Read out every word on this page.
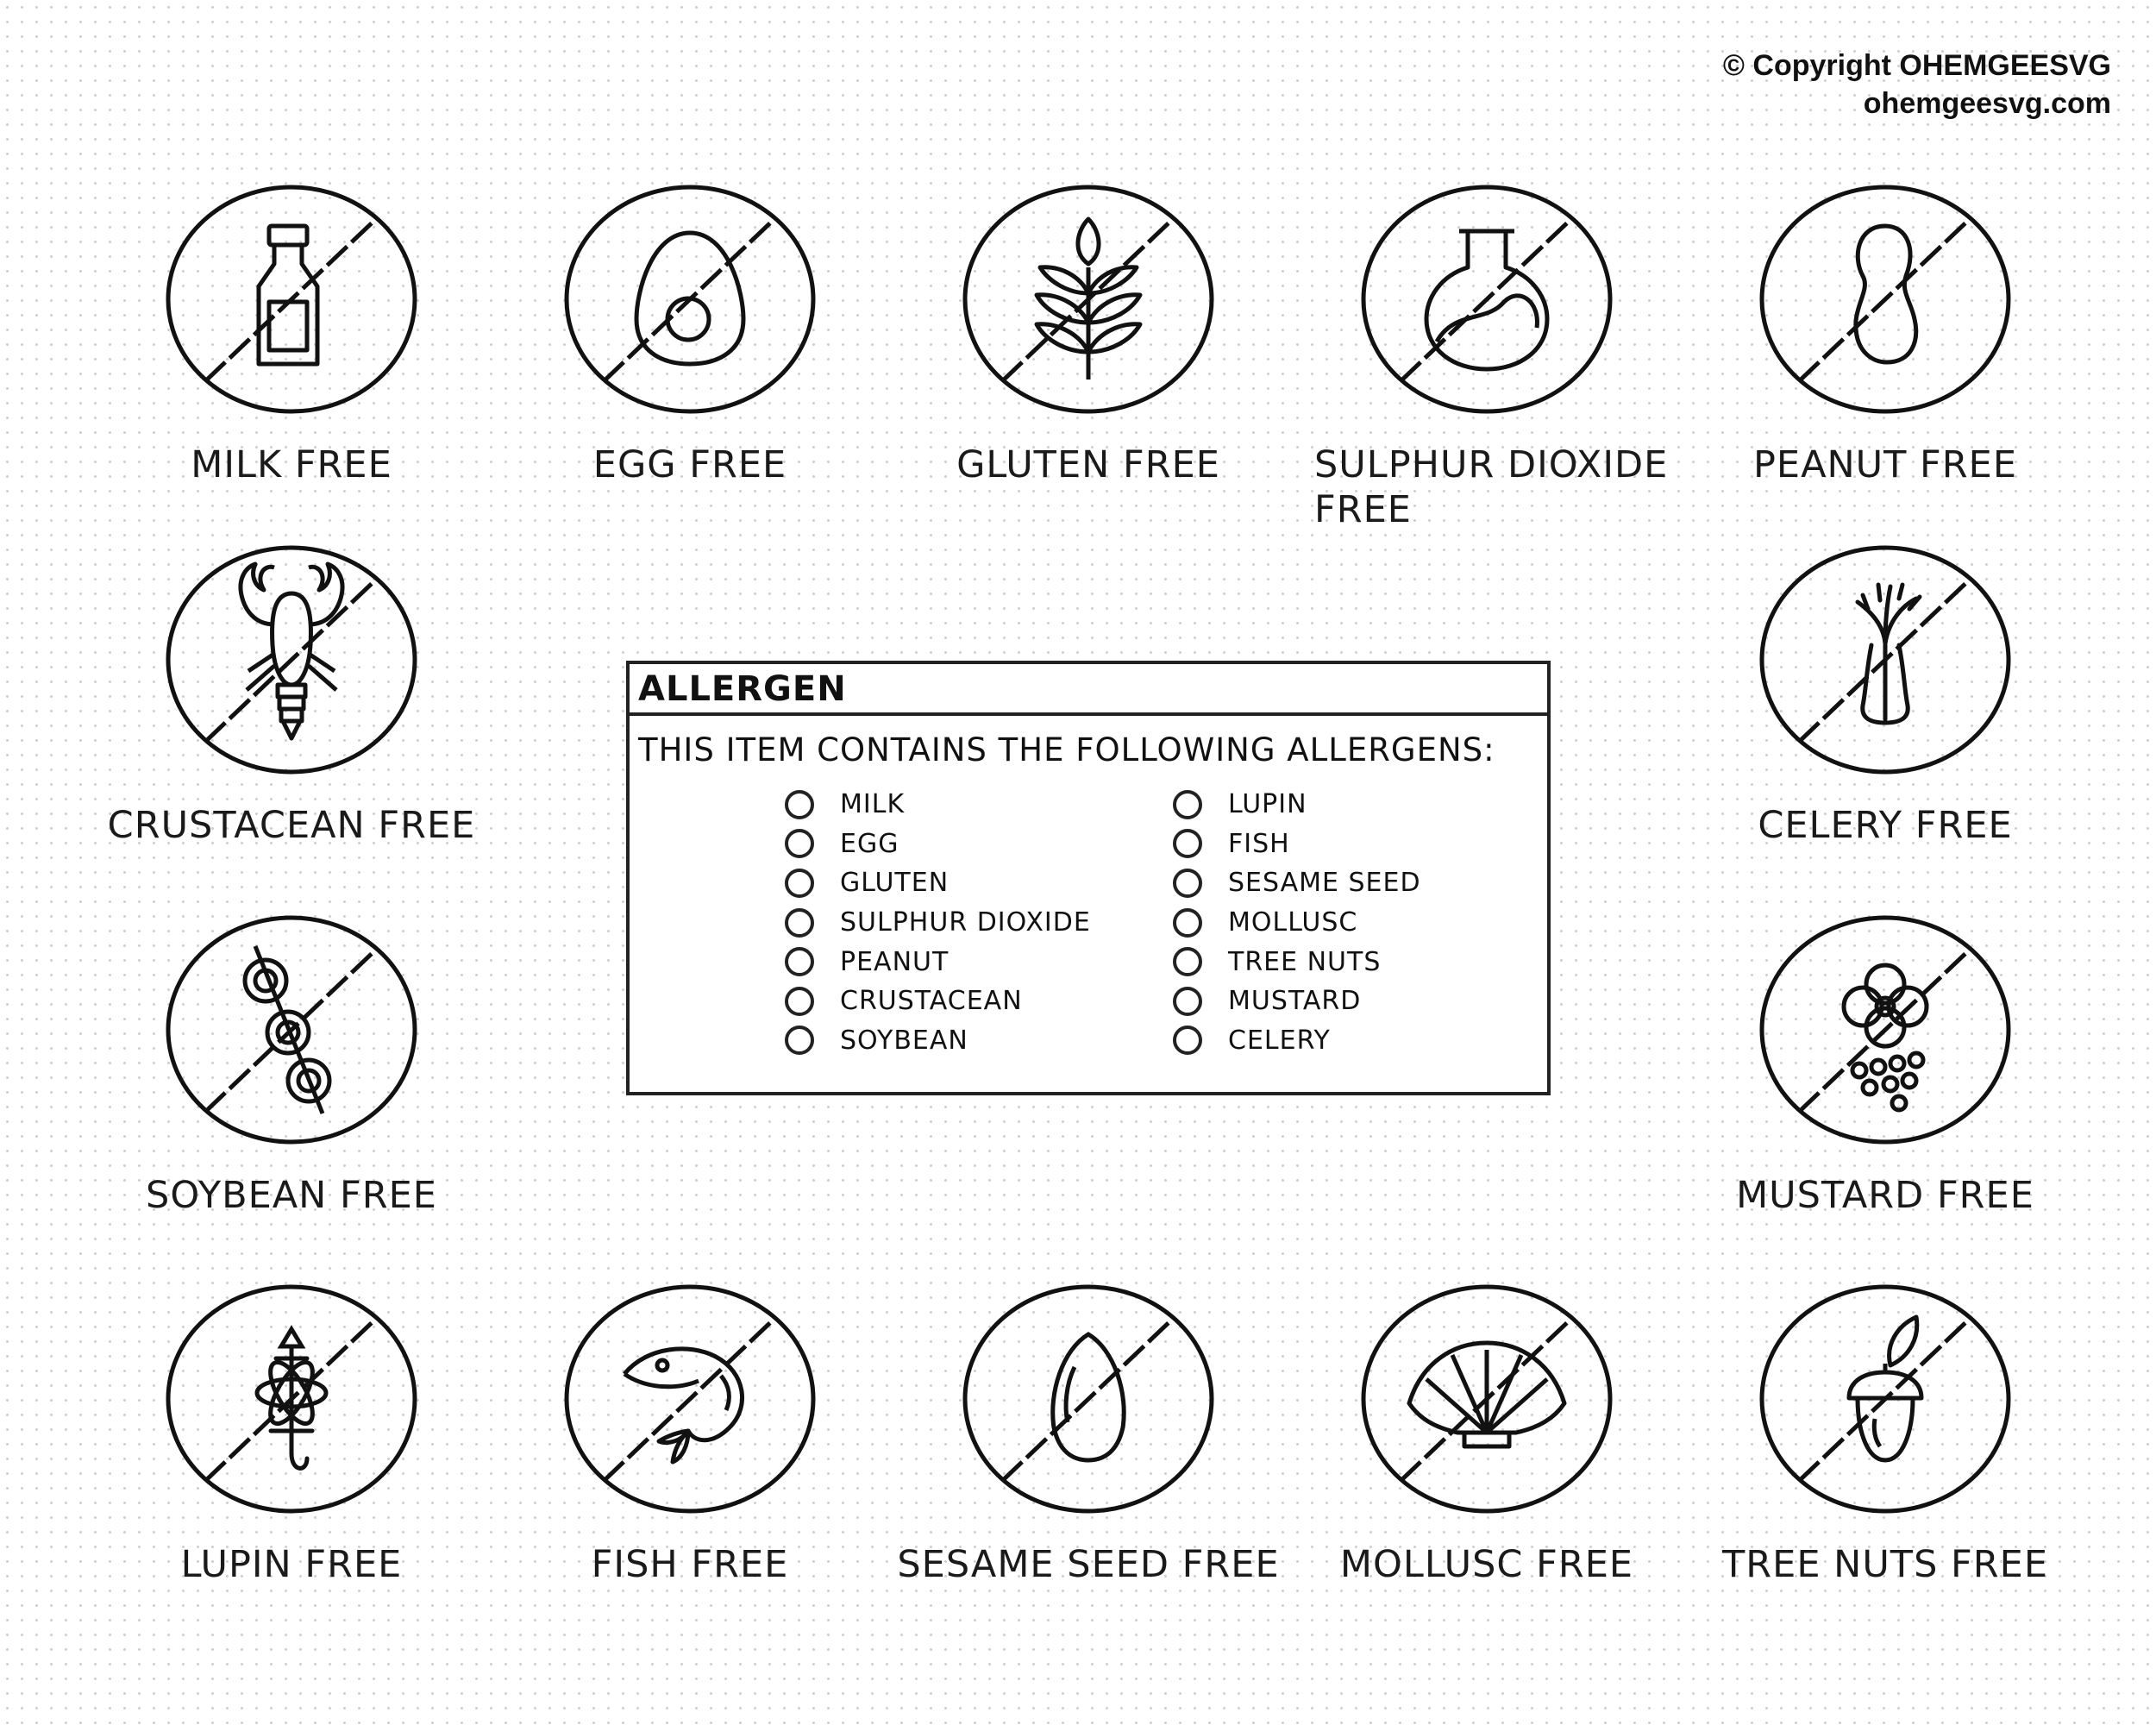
© Copyright OHEMGEESVG
ohemgeesvg.com
MILK FREE	EGG FREE	GLUTEN FREE	SULPHUR DIOXIDE FREE
PEANUT FREE
CRUSTACEAN FREE	CELERY FREE
SOYBEAN FREE	MUSTARD FREE
LUPIN FREE	FISH FREE	SESAME SEED FREE	MOLLUSC FREE	TREE NUTS FREE
ALLERGEN
THIS ITEM CONTAINS THE FOLLOWING ALLERGENS:
MILK
EGG
GLUTEN
SULPHUR DIOXIDE
PEANUT
CRUSTACEAN
SOYBEAN
LUPIN
FISH
SESAME SEED
MOLLUSC
TREE NUTS
MUSTARD
CELERY
